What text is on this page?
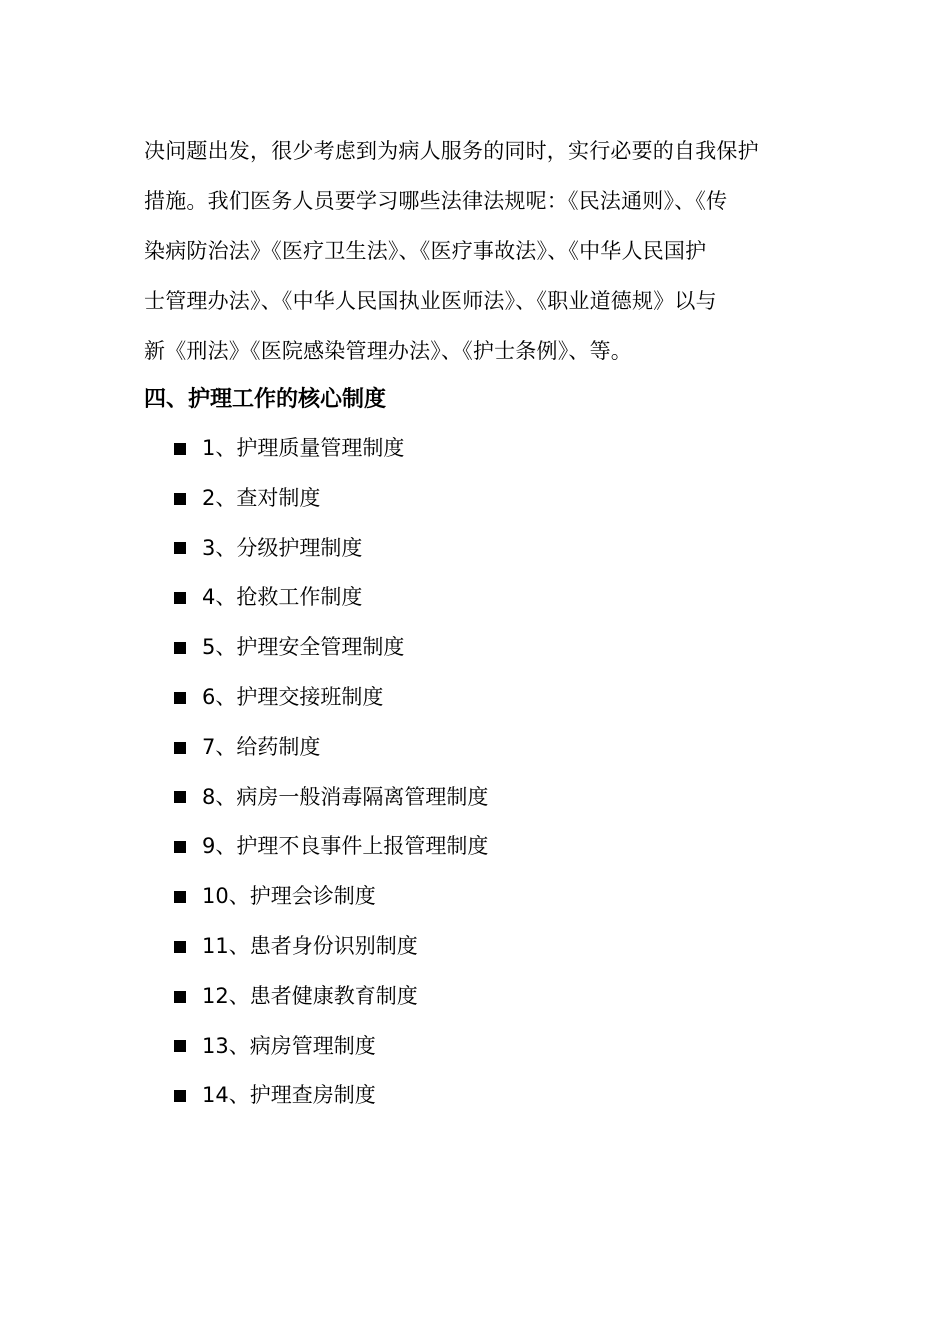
决问题出发，很少考虑到为病人服务的同时，实行必要的自我保护
措施。我们医务人员要学习哪些法律法规呢：《民法通则》、《传
染病防治法》《医疗卫生法》、《医疗事故法》、《中华人民国护
士管理办法》、《中华人民国执业医师法》、《职业道德规》以与
新《刑法》《医院感染管理办法》、《护士条例》、等。
四、护理工作的核心制度
1、护理质量管理制度
2、查对制度
3、分级护理制度
4、抢救工作制度
5、护理安全管理制度
6、护理交接班制度
7、给药制度
8、病房一般消毒隔离管理制度
9、护理不良事件上报管理制度
10、护理会诊制度
11、患者身份识别制度
12、患者健康教育制度
13、病房管理制度
14、护理查房制度
